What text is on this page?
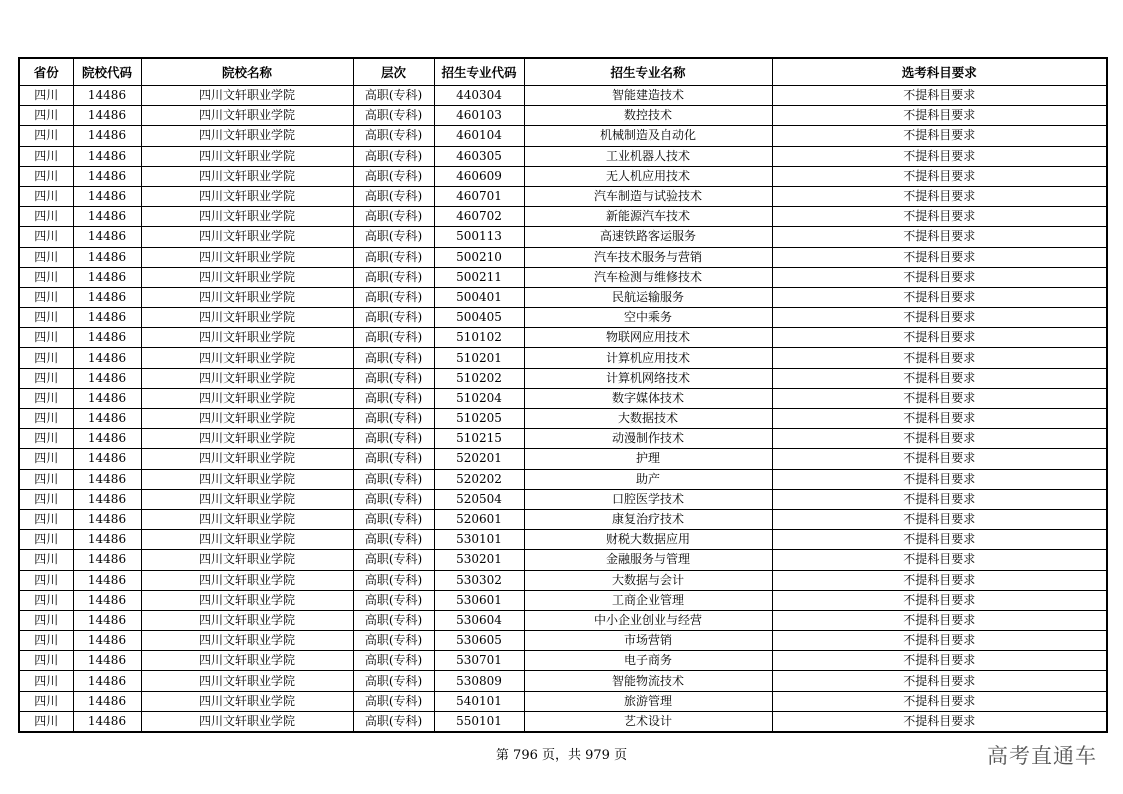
省份	院校代码	院校名称	层次	招生专业代码	招生专业名称	选考科目要求
四川	14486	四川文轩职业学院	高职(专科)	440304	智能建造技术	不提科目要求
四川	14486	四川文轩职业学院	高职(专科)	460103	数控技术	不提科目要求
四川	14486	四川文轩职业学院	高职(专科)	460104	机械制造及自动化	不提科目要求
四川	14486	四川文轩职业学院	高职(专科)	460305	工业机器人技术	不提科目要求
四川	14486	四川文轩职业学院	高职(专科)	460609	无人机应用技术	不提科目要求
四川	14486	四川文轩职业学院	高职(专科)	460701	汽车制造与试验技术	不提科目要求
四川	14486	四川文轩职业学院	高职(专科)	460702	新能源汽车技术	不提科目要求
四川	14486	四川文轩职业学院	高职(专科)	500113	高速铁路客运服务	不提科目要求
四川	14486	四川文轩职业学院	高职(专科)	500210	汽车技术服务与营销	不提科目要求
四川	14486	四川文轩职业学院	高职(专科)	500211	汽车检测与维修技术	不提科目要求
四川	14486	四川文轩职业学院	高职(专科)	500401	民航运输服务	不提科目要求
四川	14486	四川文轩职业学院	高职(专科)	500405	空中乘务	不提科目要求
四川	14486	四川文轩职业学院	高职(专科)	510102	物联网应用技术	不提科目要求
四川	14486	四川文轩职业学院	高职(专科)	510201	计算机应用技术	不提科目要求
四川	14486	四川文轩职业学院	高职(专科)	510202	计算机网络技术	不提科目要求
四川	14486	四川文轩职业学院	高职(专科)	510204	数字媒体技术	不提科目要求
四川	14486	四川文轩职业学院	高职(专科)	510205	大数据技术	不提科目要求
四川	14486	四川文轩职业学院	高职(专科)	510215	动漫制作技术	不提科目要求
四川	14486	四川文轩职业学院	高职(专科)	520201	护理	不提科目要求
四川	14486	四川文轩职业学院	高职(专科)	520202	助产	不提科目要求
四川	14486	四川文轩职业学院	高职(专科)	520504	口腔医学技术	不提科目要求
四川	14486	四川文轩职业学院	高职(专科)	520601	康复治疗技术	不提科目要求
四川	14486	四川文轩职业学院	高职(专科)	530101	财税大数据应用	不提科目要求
四川	14486	四川文轩职业学院	高职(专科)	530201	金融服务与管理	不提科目要求
四川	14486	四川文轩职业学院	高职(专科)	530302	大数据与会计	不提科目要求
四川	14486	四川文轩职业学院	高职(专科)	530601	工商企业管理	不提科目要求
四川	14486	四川文轩职业学院	高职(专科)	530604	中小企业创业与经营	不提科目要求
四川	14486	四川文轩职业学院	高职(专科)	530605	市场营销	不提科目要求
四川	14486	四川文轩职业学院	高职(专科)	530701	电子商务	不提科目要求
四川	14486	四川文轩职业学院	高职(专科)	530809	智能物流技术	不提科目要求
四川	14486	四川文轩职业学院	高职(专科)	540101	旅游管理	不提科目要求
四川	14486	四川文轩职业学院	高职(专科)	550101	艺术设计	不提科目要求
第 796 页，共 979 页	高考直通车
